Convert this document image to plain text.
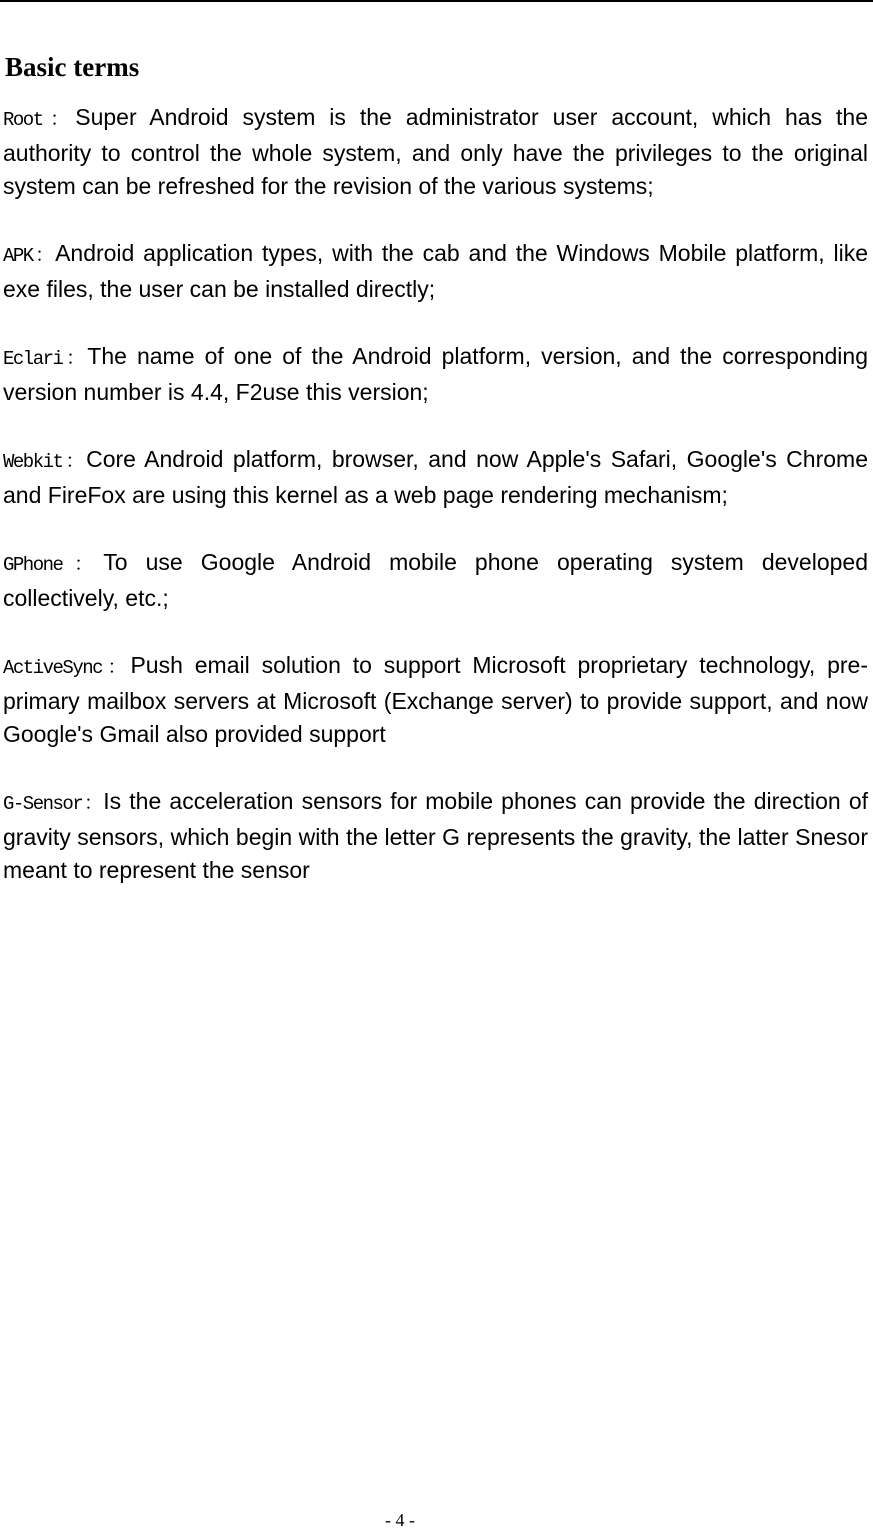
Basic terms

Root：Super Android system is the administrator user account, which has the authority to control the whole system, and only have the privileges to the original system can be refreshed for the revision of the various systems;

APK：Android application types, with the cab and the Windows Mobile platform, like exe files, the user can be installed directly;

Eclari：The name of one of the Android platform, version, and the corresponding version number is 4.4, F2use this version;

Webkit：Core Android platform, browser, and now Apple's Safari, Google's Chrome and FireFox are using this kernel as a web page rendering mechanism;

GPhone：To use Google Android mobile phone operating system developed collectively, etc.;

ActiveSync：Push email solution to support Microsoft proprietary technology, pre-primary mailbox servers at Microsoft (Exchange server) to provide support, and now Google's Gmail also provided support

G-Sensor：Is the acceleration sensors for mobile phones can provide the direction of gravity sensors, which begin with the letter G represents the gravity, the latter Snesor meant to represent the sensor

- 4 -
